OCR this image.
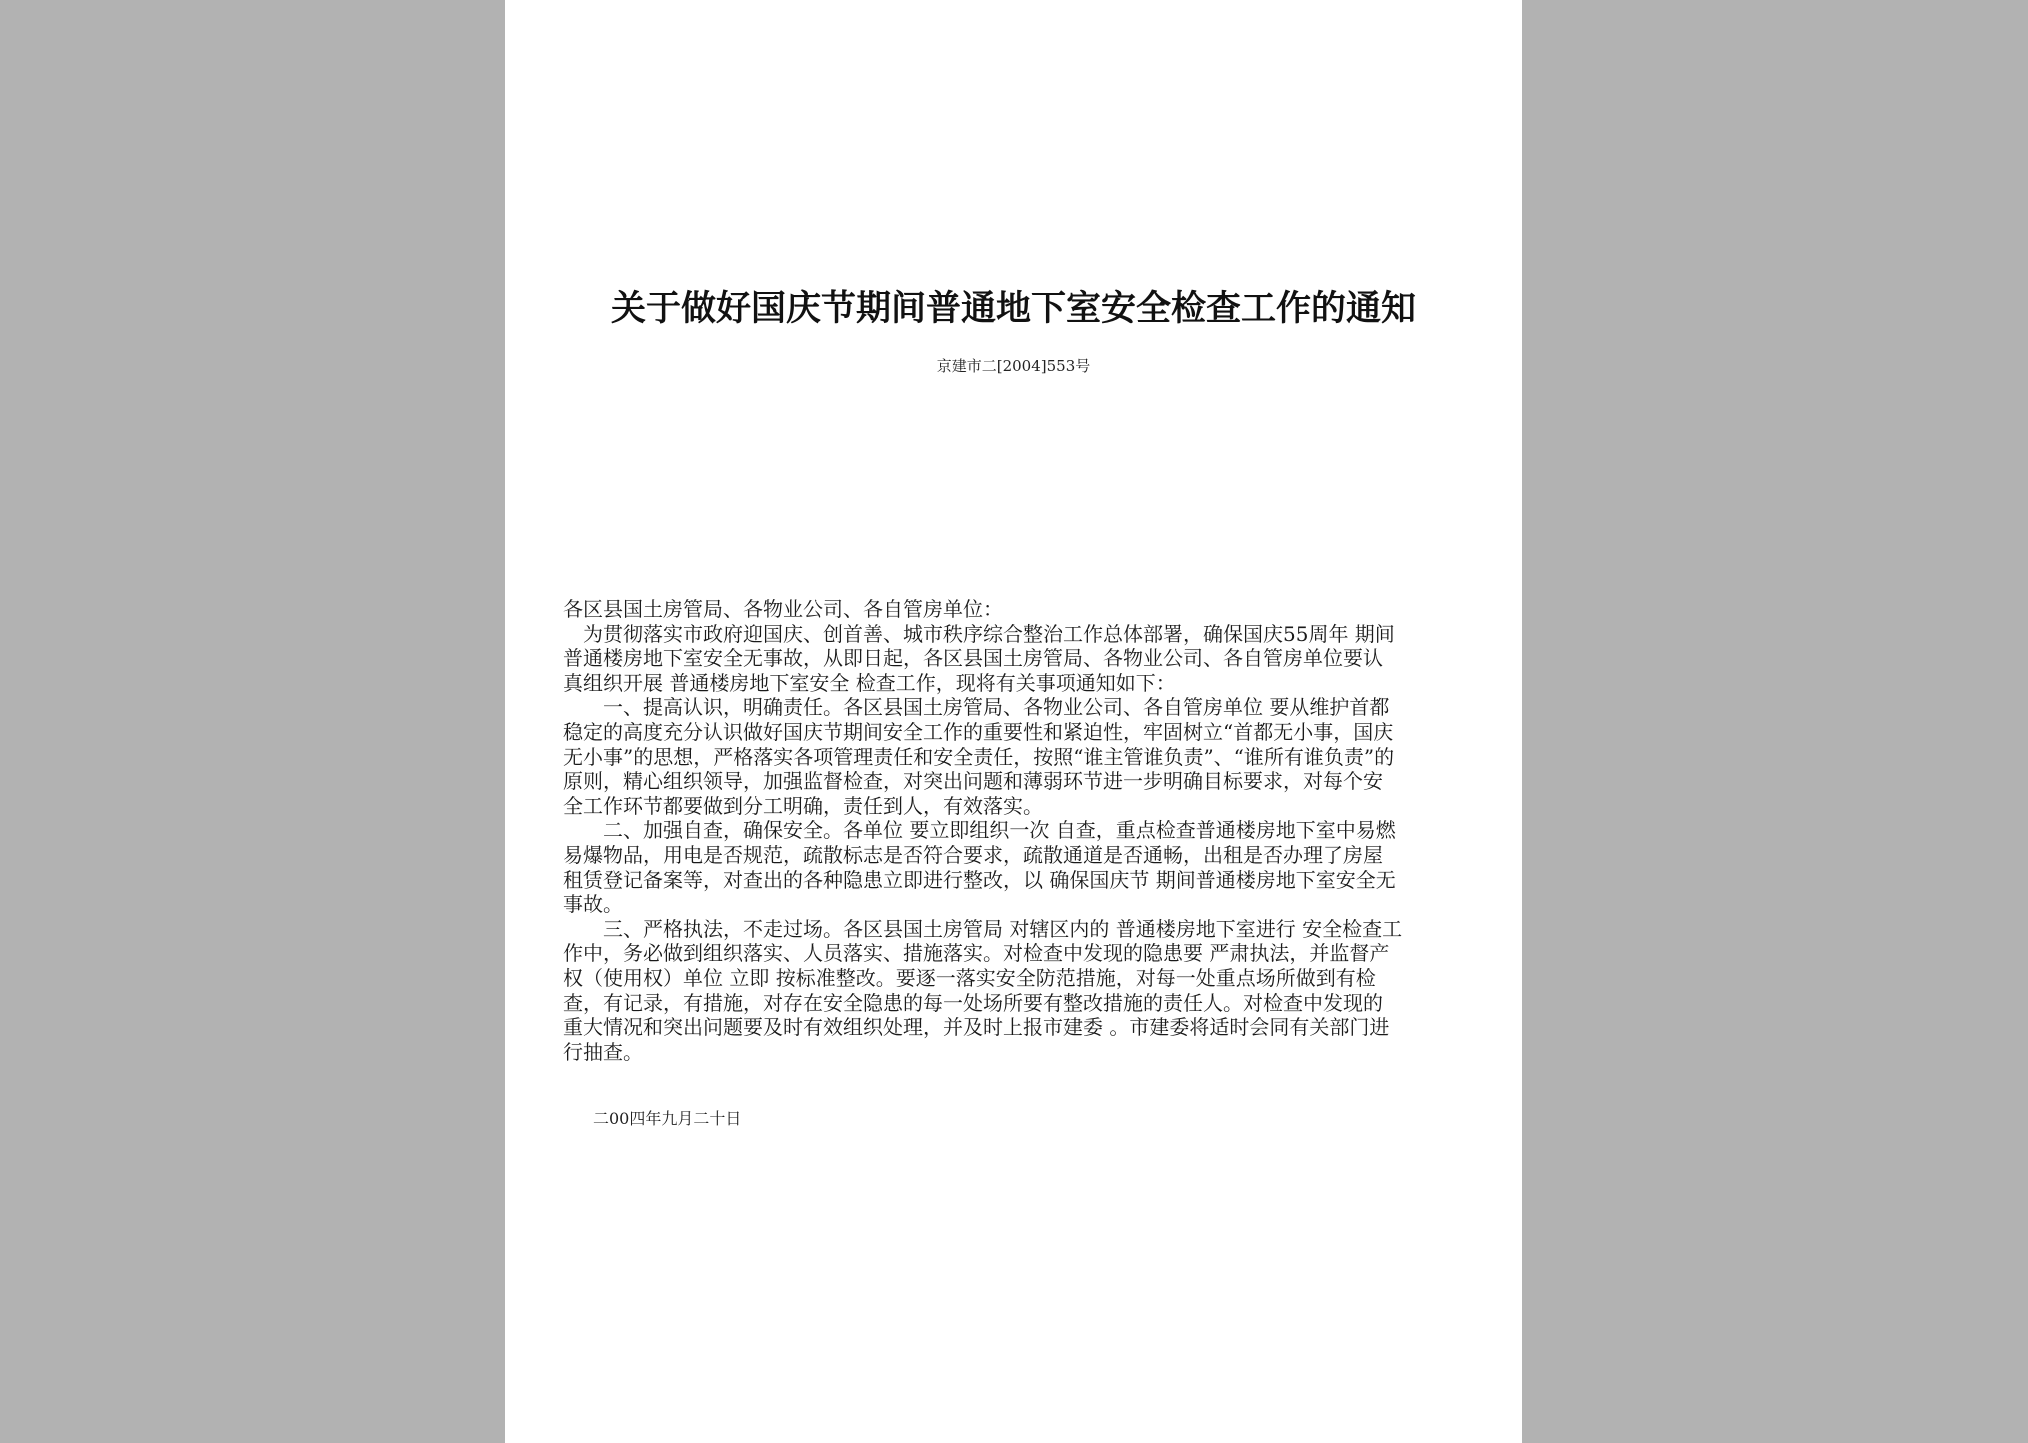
关于做好国庆节期间普通地下室安全检查工作的通知
京建市二[2004]553号
各区县国土房管局、各物业公司、各自管房单位：
　为贯彻落实市政府迎国庆、创首善、城市秩序综合整治工作总体部署，确保国庆55周年 期间
普通楼房地下室安全无事故，从即日起，各区县国土房管局、各物业公司、各自管房单位要认
真组织开展 普通楼房地下室安全 检查工作，现将有关事项通知如下：
　　一、提高认识，明确责任。各区县国土房管局、各物业公司、各自管房单位 要从维护首都
稳定的高度充分认识做好国庆节期间安全工作的重要性和紧迫性，牢固树立“首都无小事，国庆
无小事”的思想，严格落实各项管理责任和安全责任，按照“谁主管谁负责”、“谁所有谁负责”的
原则，精心组织领导，加强监督检查，对突出问题和薄弱环节进一步明确目标要求，对每个安
全工作环节都要做到分工明确，责任到人，有效落实。
　　二、加强自查，确保安全。各单位 要立即组织一次 自查，重点检查普通楼房地下室中易燃
易爆物品，用电是否规范，疏散标志是否符合要求，疏散通道是否通畅，出租是否办理了房屋
租赁登记备案等，对查出的各种隐患立即进行整改，以 确保国庆节 期间普通楼房地下室安全无
事故。
　　三、严格执法，不走过场。各区县国土房管局 对辖区内的 普通楼房地下室进行 安全检查工
作中，务必做到组织落实、人员落实、措施落实。对检查中发现的隐患要 严肃执法，并监督产
权（使用权）单位 立即 按标准整改。要逐一落实安全防范措施，对每一处重点场所做到有检
查，有记录，有措施，对存在安全隐患的每一处场所要有整改措施的责任人。对检查中发现的
重大情况和突出问题要及时有效组织处理，并及时上报市建委 。市建委将适时会同有关部门进
行抽查。
二00四年九月二十日
